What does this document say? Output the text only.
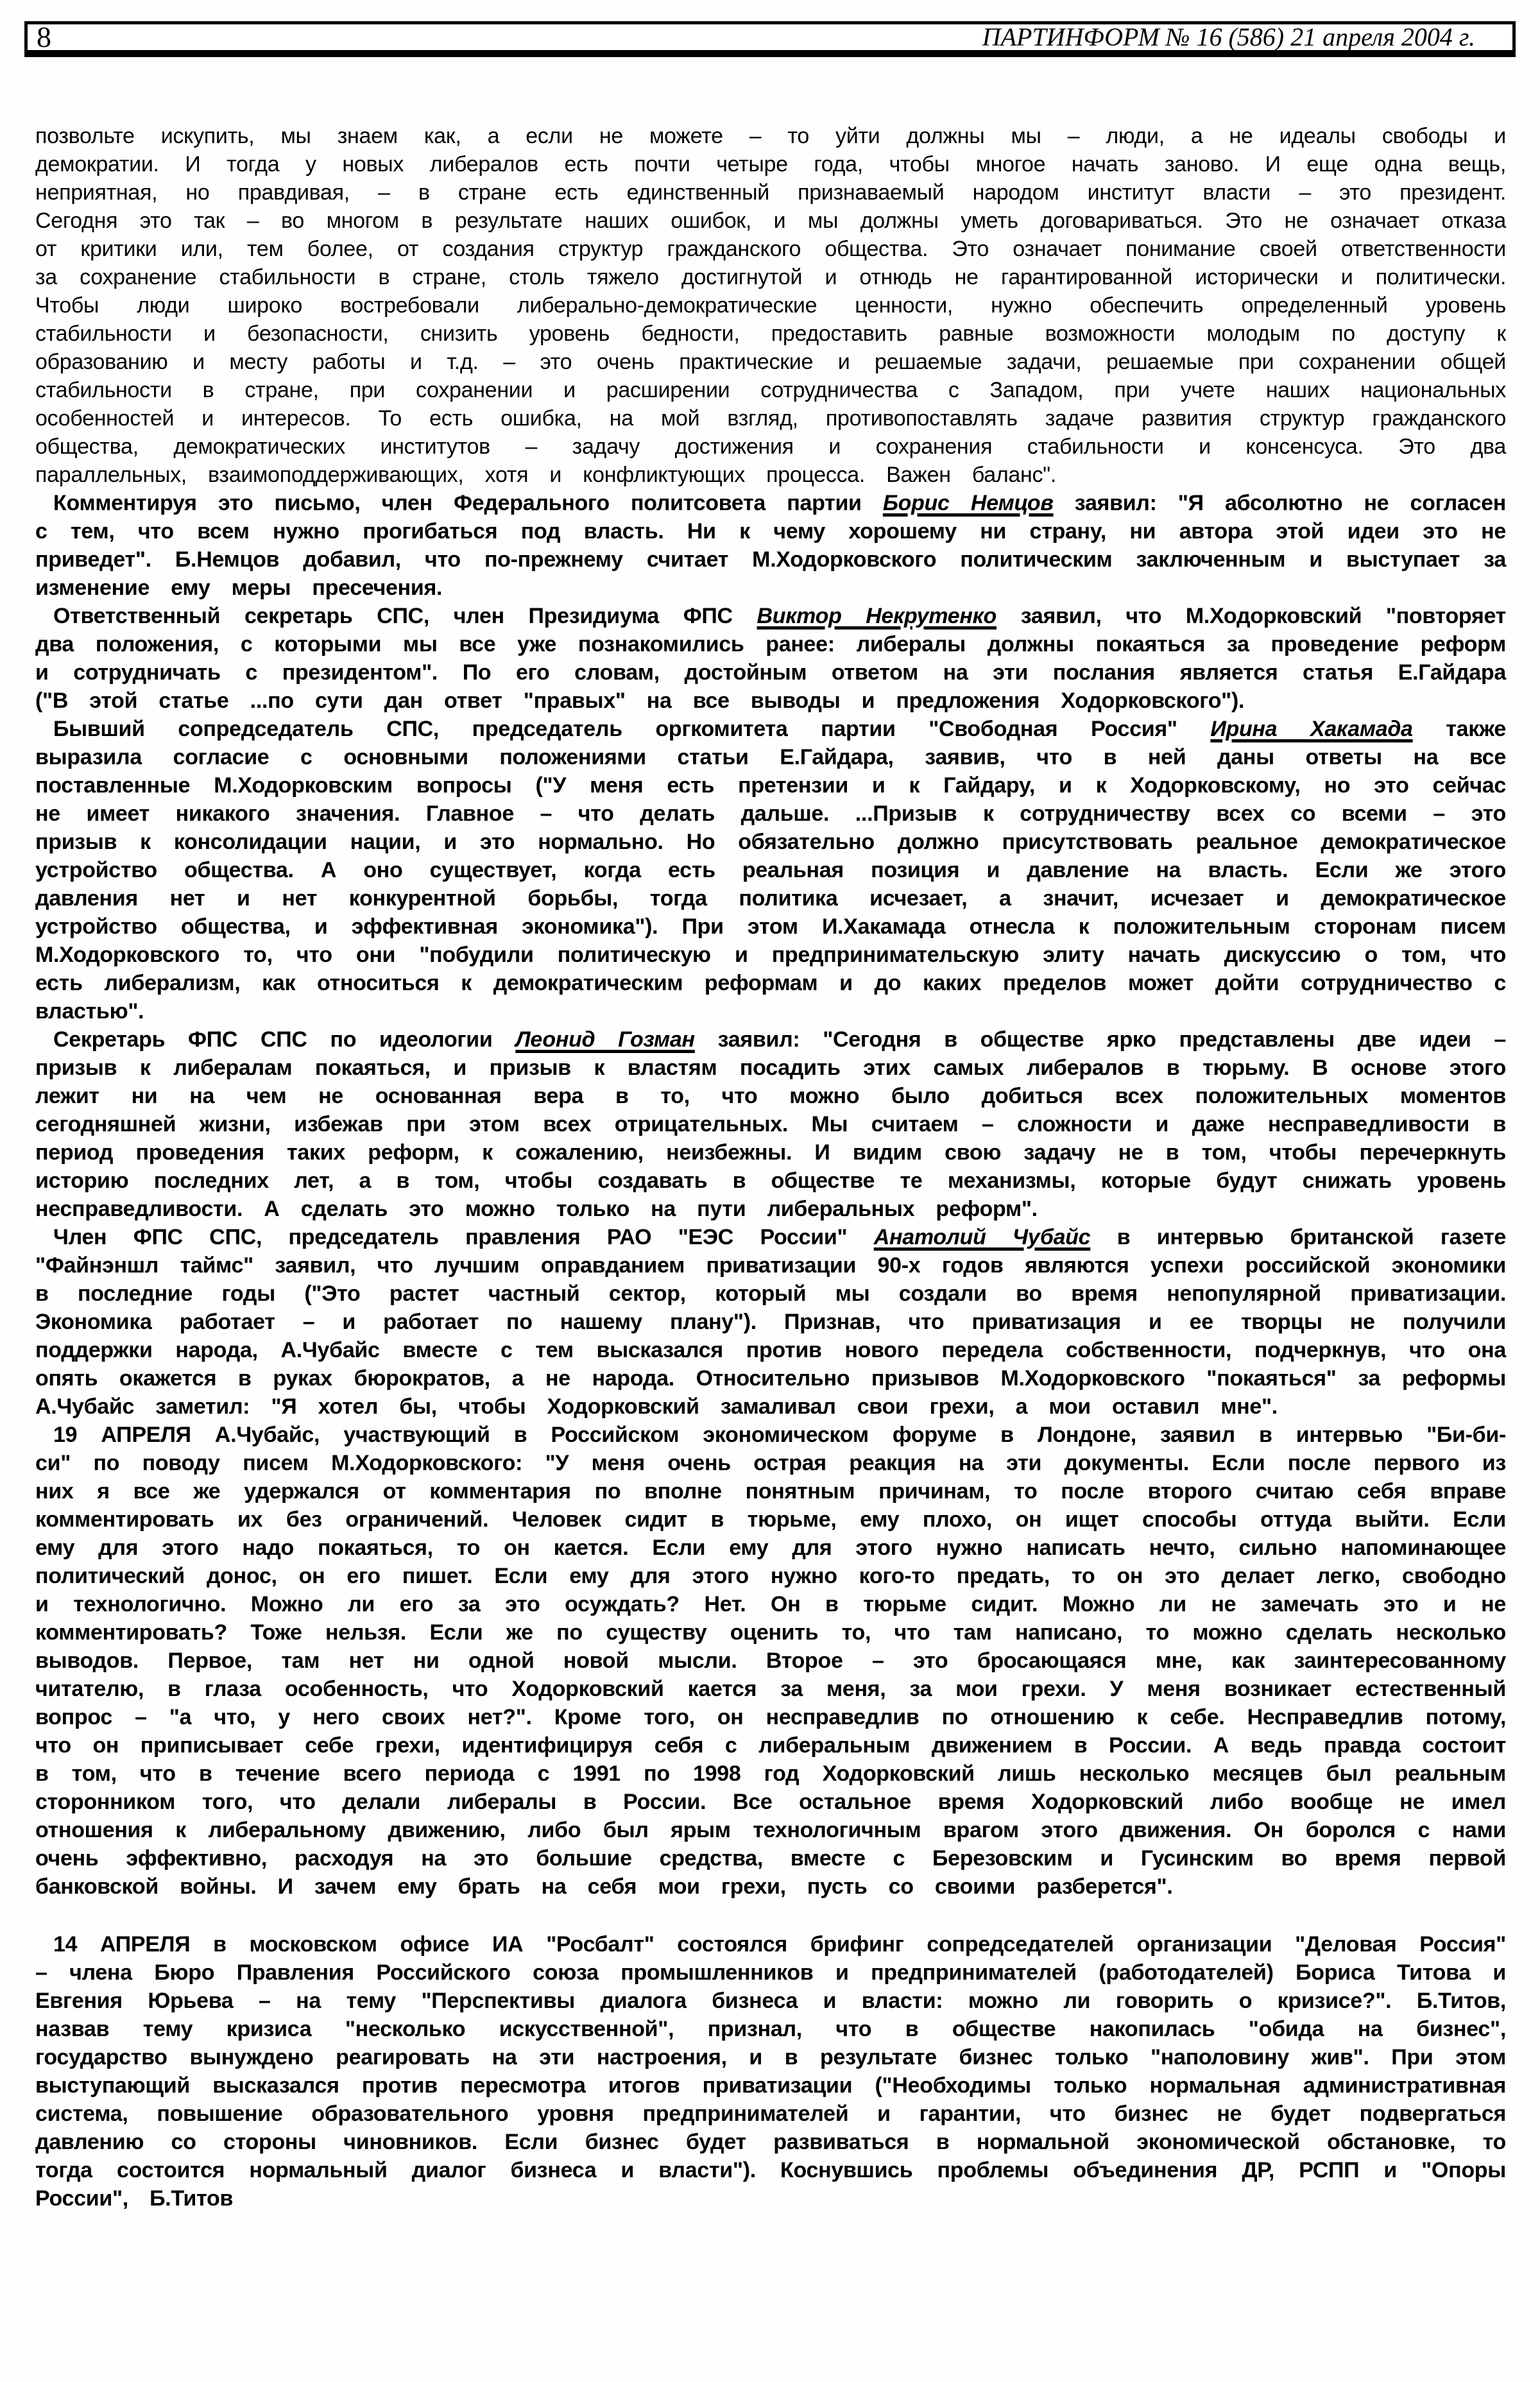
8	ПАРТИНФОРМ № 16 (586) 21 апреля 2004 г.

позвольте искупить, мы знаем как, а если не можете – то уйти должны мы – люди, а не идеалы свободы и демократии. И тогда у новых либералов есть почти четыре года, чтобы многое начать заново. И еще одна вещь, неприятная, но правдивая, – в стране есть единственный признаваемый народом институт власти – это президент. Сегодня это так – во многом в результате наших ошибок, и мы должны уметь договариваться. Это не означает отказа от критики или, тем более, от создания структур гражданского общества. Это означает понимание своей ответственности за сохранение стабильности в стране, столь тяжело достигнутой и отнюдь не гарантированной исторически и политически. Чтобы люди широко востребовали либерально-демократические ценности, нужно обеспечить определенный уровень стабильности и безопасности, снизить уровень бедности, предоставить равные возможности молодым по доступу к образованию и месту работы и т.д. – это очень практические и решаемые задачи, решаемые при сохранении общей стабильности в стране, при сохранении и расширении сотрудничества с Западом, при учете наших национальных особенностей и интересов. То есть ошибка, на мой взгляд, противопоставлять задаче развития структур гражданского общества, демократических институтов – задачу достижения и сохранения стабильности и консенсуса. Это два параллельных, взаимоподдерживающих, хотя и конфликтующих процесса. Важен баланс".

Комментируя это письмо, член Федерального политсовета партии Борис Немцов заявил: "Я абсолютно не согласен с тем, что всем нужно прогибаться под власть. Ни к чему хорошему ни страну, ни автора этой идеи это не приведет". Б.Немцов добавил, что по-прежнему считает М.Ходорковского политическим заключенным и выступает за изменение ему меры пресечения.

Ответственный секретарь СПС, член Президиума ФПС Виктор Некрутенко заявил, что М.Ходорковский "повторяет два положения, с которыми мы все уже познакомились ранее: либералы должны покаяться за проведение реформ и сотрудничать с президентом". По его словам, достойным ответом на эти послания является статья Е.Гайдара ("В этой статье ...по сути дан ответ "правых" на все выводы и предложения Ходорковского").

Бывший сопредседатель СПС, председатель оргкомитета партии "Свободная Россия" Ирина Хакамада также выразила согласие с основными положениями статьи Е.Гайдара, заявив, что в ней даны ответы на все поставленные М.Ходорковским вопросы ("У меня есть претензии и к Гайдару, и к Ходорковскому, но это сейчас не имеет никакого значения. Главное – что делать дальше. ...Призыв к сотрудничеству всех со всеми – это призыв к консолидации нации, и это нормально. Но обязательно должно присутствовать реальное демократическое устройство общества. А оно существует, когда есть реальная позиция и давление на власть. Если же этого давления нет и нет конкурентной борьбы, тогда политика исчезает, а значит, исчезает и демократическое устройство общества, и эффективная экономика"). При этом И.Хакамада отнесла к положительным сторонам писем М.Ходорковского то, что они "побудили политическую и предпринимательскую элиту начать дискуссию о том, что есть либерализм, как относиться к демократическим реформам и до каких пределов может дойти сотрудничество с властью".

Секретарь ФПС СПС по идеологии Леонид Гозман заявил: "Сегодня в обществе ярко представлены две идеи – призыв к либералам покаяться, и призыв к властям посадить этих самых либералов в тюрьму. В основе этого лежит ни на чем не основанная вера в то, что можно было добиться всех положительных моментов сегодняшней жизни, избежав при этом всех отрицательных. Мы считаем – сложности и даже несправедливости в период проведения таких реформ, к сожалению, неизбежны. И видим свою задачу не в том, чтобы перечеркнуть историю последних лет, а в том, чтобы создавать в обществе те механизмы, которые будут снижать уровень несправедливости. А сделать это можно только на пути либеральных реформ".

Член ФПС СПС, председатель правления РАО "ЕЭС России" Анатолий Чубайс в интервью британской газете "Файнэншл таймс" заявил, что лучшим оправданием приватизации 90-х годов являются успехи российской экономики в последние годы ("Это растет частный сектор, который мы создали во время непопулярной приватизации. Экономика работает – и работает по нашему плану"). Признав, что приватизация и ее творцы не получили поддержки народа, А.Чубайс вместе с тем высказался против нового передела собственности, подчеркнув, что она опять окажется в руках бюрократов, а не народа. Относительно призывов М.Ходорковского "покаяться" за реформы А.Чубайс заметил: "Я хотел бы, чтобы Ходорковский замаливал свои грехи, а мои оставил мне".

19 АПРЕЛЯ А.Чубайс, участвующий в Российском экономическом форуме в Лондоне, заявил в интервью "Би-би-си" по поводу писем М.Ходорковского: "У меня очень острая реакция на эти документы. Если после первого из них я все же удержался от комментария по вполне понятным причинам, то после второго считаю себя вправе комментировать их без ограничений. Человек сидит в тюрьме, ему плохо, он ищет способы оттуда выйти. Если ему для этого надо покаяться, то он кается. Если ему для этого нужно написать нечто, сильно напоминающее политический донос, он его пишет. Если ему для этого нужно кого-то предать, то он это делает легко, свободно и технологично. Можно ли его за это осуждать? Нет. Он в тюрьме сидит. Можно ли не замечать это и не комментировать? Тоже нельзя. Если же по существу оценить то, что там написано, то можно сделать несколько выводов. Первое, там нет ни одной новой мысли. Второе – это бросающаяся мне, как заинтересованному читателю, в глаза особенность, что Ходорковский кается за меня, за мои грехи. У меня возникает естественный вопрос – "а что, у него своих нет?". Кроме того, он несправедлив по отношению к себе. Несправедлив потому, что он приписывает себе грехи, идентифицируя себя с либеральным движением в России. А ведь правда состоит в том, что в течение всего периода с 1991 по 1998 год Ходорковский лишь несколько месяцев был реальным сторонником того, что делали либералы в России. Все остальное время Ходорковский либо вообще не имел отношения к либеральному движению, либо был ярым технологичным врагом этого движения. Он боролся с нами очень эффективно, расходуя на это большие средства, вместе с Березовским и Гусинским во время первой банковской войны. И зачем ему брать на себя мои грехи, пусть со своими разберется".

14 АПРЕЛЯ в московском офисе ИА "Росбалт" состоялся брифинг сопредседателей организации "Деловая Россия" – члена Бюро Правления Российского союза промышленников и предпринимателей (работодателей) Бориса Титова и Евгения Юрьева – на тему "Перспективы диалога бизнеса и власти: можно ли говорить о кризисе?". Б.Титов, назвав тему кризиса "несколько искусственной", признал, что в обществе накопилась "обида на бизнес", государство вынуждено реагировать на эти настроения, и в результате бизнес только "наполовину жив". При этом выступающий высказался против пересмотра итогов приватизации ("Необходимы только нормальная административная система, повышение образовательного уровня предпринимателей и гарантии, что бизнес не будет подвергаться давлению со стороны чиновников. Если бизнес будет развиваться в нормальной экономической обстановке, то тогда состоится нормальный диалог бизнеса и власти"). Коснувшись проблемы объединения ДР, РСПП и "Опоры России", Б.Титов
